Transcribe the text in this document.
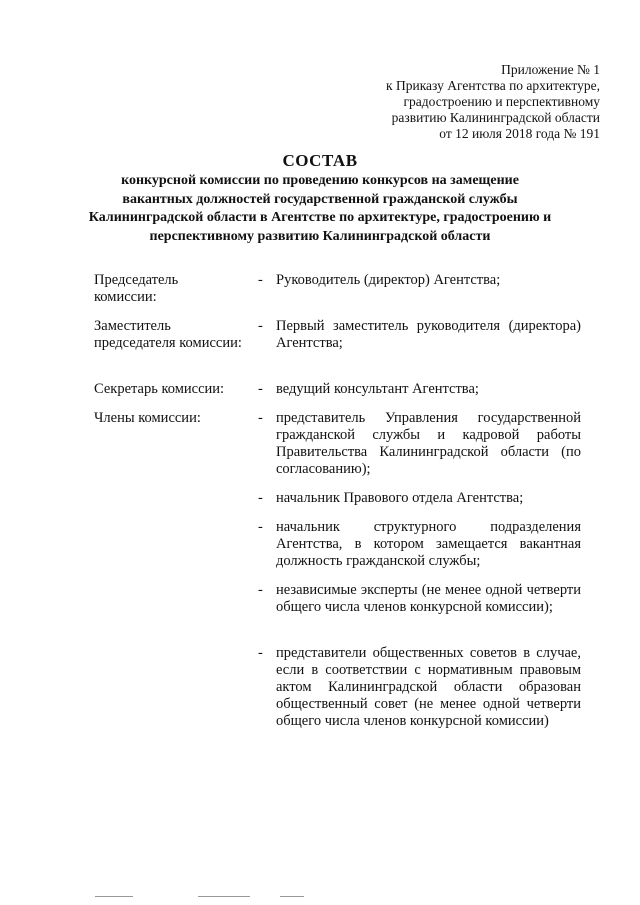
Приложение № 1
к Приказу Агентства по архитектуре,
градостроению и перспективному
развитию Калининградской области
от 12 июля 2018 года № 191
СОСТАВ
конкурсной комиссии по проведению конкурсов на замещение
вакантных должностей государственной гражданской службы
Калининградской области в Агентстве по архитектуре, градостроению и
перспективному развитию Калининградской области
Председатель комиссии:
- Руководитель (директор) Агентства;
Заместитель председателя комиссии:
- Первый заместитель руководителя (директора) Агентства;
Секретарь комиссии:	- ведущий консультант Агентства;
Члены комиссии:	- представитель Управления государственной гражданской службы и кадровой работы Правительства Калининградской области (по согласованию);
- начальник Правового отдела Агентства;
- начальник структурного подразделения Агентства, в котором замещается вакантная должность гражданской службы;
- независимые эксперты (не менее одной четверти общего числа членов конкурсной комиссии);
- представители общественных советов в случае, если в соответствии с нормативным правовым актом Калининградской области образован общественный совет (не менее одной четверти общего числа членов конкурсной комиссии)
